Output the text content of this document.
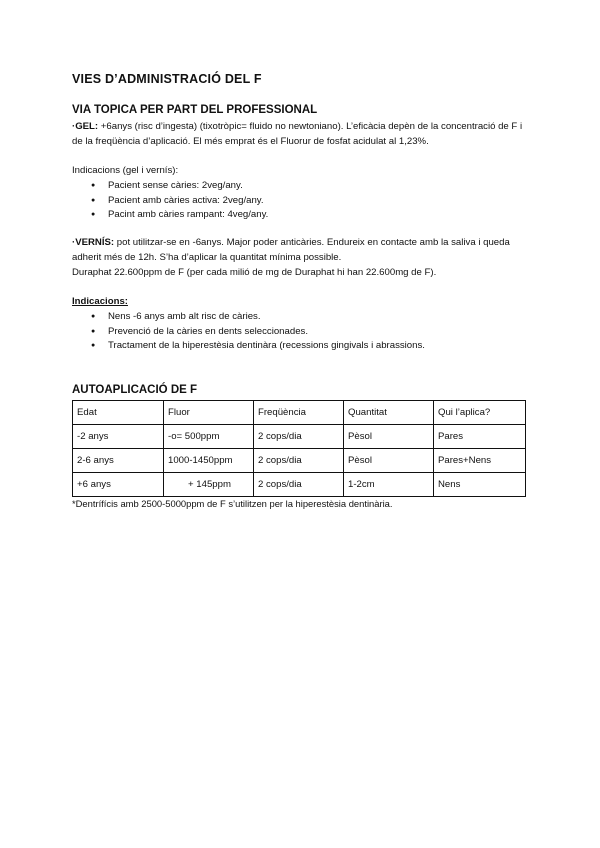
VIES D’ADMINISTRACIÓ DEL F
VIA TOPICA PER PART DEL PROFESSIONAL
·GEL: +6anys (risc d’ingesta) (tixotròpic= fluido no newtoniano). L’eficàcia depèn de la concentració de F i de la freqüència d’aplicació. El més emprat és el Fluorur de fosfat acidulat al 1,23%.
Indicacions (gel i vernís):
● Pacient sense càries: 2veg/any.
● Pacient amb càries activa: 2veg/any.
● Pacint amb càries rampant: 4veg/any.
·VERNÍS: pot utilitzar-se en -6anys. Major poder anticàries. Endureix en contacte amb la saliva i queda adherit més de 12h. S’ha d’aplicar la quantitat mínima possible.
Duraphat 22.600ppm de F (per cada milió de mg de Duraphat hi han 22.600mg de F).
Indicacions:
● Nens -6 anys amb alt risc de càries.
● Prevenció de la càries en dents seleccionades.
● Tractament de la hiperestèsia dentinàra (recessions gingivals i abrassions.
AUTOAPLICACIÓ DE F
Edat	Fluor	Freqüència	Quantitat	Qui l’aplica?
-2 anys	-o= 500ppm	2 cops/dia	Pèsol	Pares
2-6 anys	1000-1450ppm	2 cops/dia	Pèsol	Pares+Nens
+6 anys	+ 145ppm	2 cops/dia	1-2cm	Nens
*Dentrífícis amb 2500-5000ppm de F s’utilitzen per la hiperestèsia dentinària.
